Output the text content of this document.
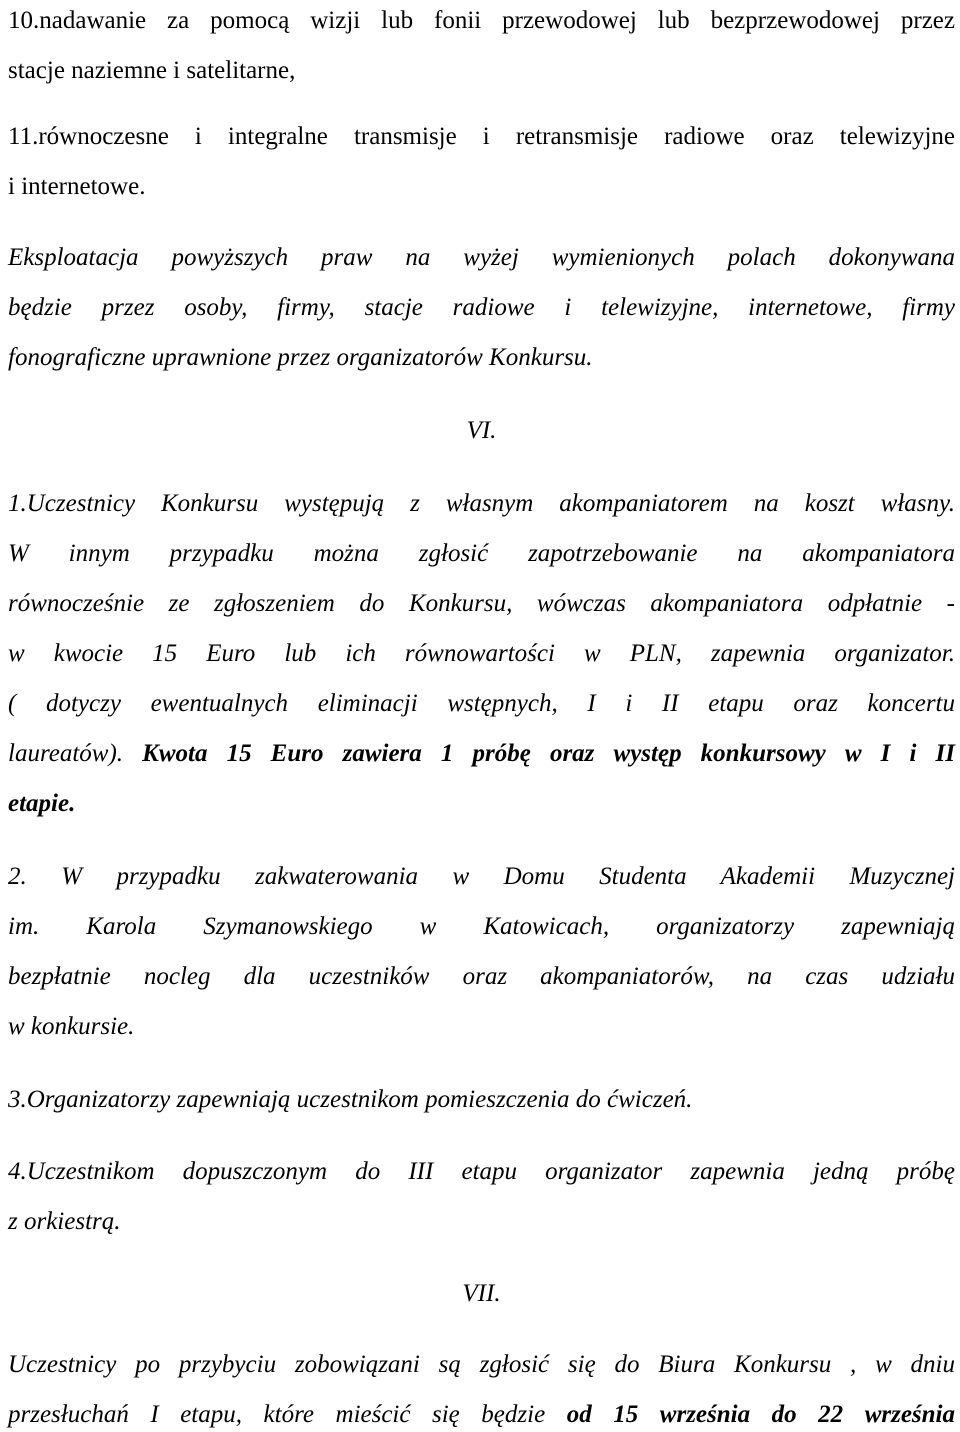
10.nadawanie za pomocą wizji lub fonii przewodowej lub bezprzewodowej przez
stacje naziemne i satelitarne,
11.równoczesne i integralne transmisje i retransmisje radiowe oraz telewizyjne
i internetowe.
Eksploatacja powyższych praw na wyżej wymienionych polach dokonywana
będzie przez osoby, firmy, stacje radiowe i telewizyjne, internetowe, firmy
fonograficzne uprawnione przez organizatorów Konkursu.
VI.
1.Uczestnicy Konkursu występują z własnym akompaniatorem na koszt własny.
W innym przypadku można zgłosić zapotrzebowanie na akompaniatora
równocześnie ze zgłoszeniem do Konkursu, wówczas akompaniatora odpłatnie -
w kwocie 15 Euro lub ich równowartości w PLN, zapewnia organizator.
( dotyczy ewentualnych eliminacji wstępnych, I i II etapu oraz koncertu
laureatów). Kwota 15 Euro zawiera 1 próbę oraz występ konkursowy w I i II
etapie.
2. W przypadku zakwaterowania w Domu Studenta Akademii Muzycznej
im. Karola Szymanowskiego w Katowicach, organizatorzy zapewniają
bezpłatnie nocleg dla uczestników oraz akompaniatorów, na czas udziału
w konkursie.
3.Organizatorzy zapewniają uczestnikom pomieszczenia do ćwiczeń.
4.Uczestnikom dopuszczonym do III etapu organizator zapewnia jedną próbę
z orkiestrą.
VII.
Uczestnicy po przybyciu zobowiązani są zgłosić się do Biura Konkursu , w dniu
przesłuchań I etapu, które mieścić się będzie od 15 września do 22 września
